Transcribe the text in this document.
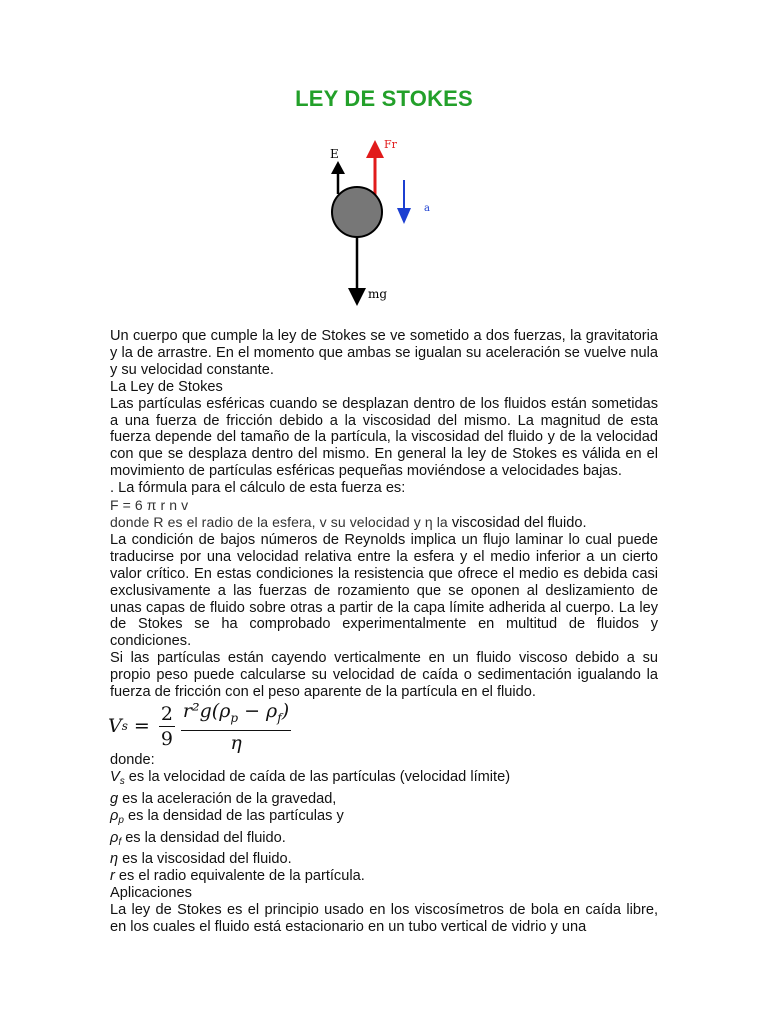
LEY DE STOKES
E
Fr
a
mg

Un cuerpo que cumple la ley de Stokes se ve sometido a dos fuerzas, la gravitatoria y la de arrastre. En el momento que ambas se igualan su aceleración se vuelve nula y su velocidad constante.

La Ley de Stokes

Las partículas esféricas cuando se desplazan dentro de los fluidos están sometidas a una fuerza de fricción debido a la viscosidad del mismo. La magnitud de esta fuerza depende del tamaño de la partícula, la viscosidad del fluido y de la velocidad con que se desplaza dentro del mismo. En general la ley de Stokes es válida en el movimiento de partículas esféricas pequeñas moviéndose a velocidades bajas.

. La fórmula para el cálculo de esta fuerza es:

F = 6 π r n v

donde R es el radio de la esfera, v su velocidad y η la viscosidad del fluido.

La condición de bajos números de Reynolds implica un flujo laminar lo cual puede traducirse por una velocidad relativa entre la esfera y el medio inferior a un cierto valor crítico. En estas condiciones la resistencia que ofrece el medio es debida casi exclusivamente a las fuerzas de rozamiento que se oponen al deslizamiento de unas capas de fluido sobre otras a partir de la capa límite adherida al cuerpo. La ley de Stokes se ha comprobado experimentalmente en multitud de fluidos y condiciones.

Si las partículas están cayendo verticalmente en un fluido viscoso debido a su propio peso puede calcularse su velocidad de caída o sedimentación igualando la fuerza de fricción con el peso aparente de la partícula en el fluido.

V $s = \frac{2}{9} \frac{r^2g(\rho_p - \rho_f)}{\eta}$

donde:

$V_s$ es la velocidad de caída de las partículas (velocidad límite)

g es la aceleración de la gravedad,

$\rho_p$ es la densidad de las partículas y

$\rho_f$ es la densidad del fluido.

η es la viscosidad del fluido.

r es el radio equivalente de la partícula.

Aplicaciones

La ley de Stokes es el principio usado en los viscosímetros de bola en caída libre, en los cuales el fluido está estacionario en un tubo vertical de vidrio y una
